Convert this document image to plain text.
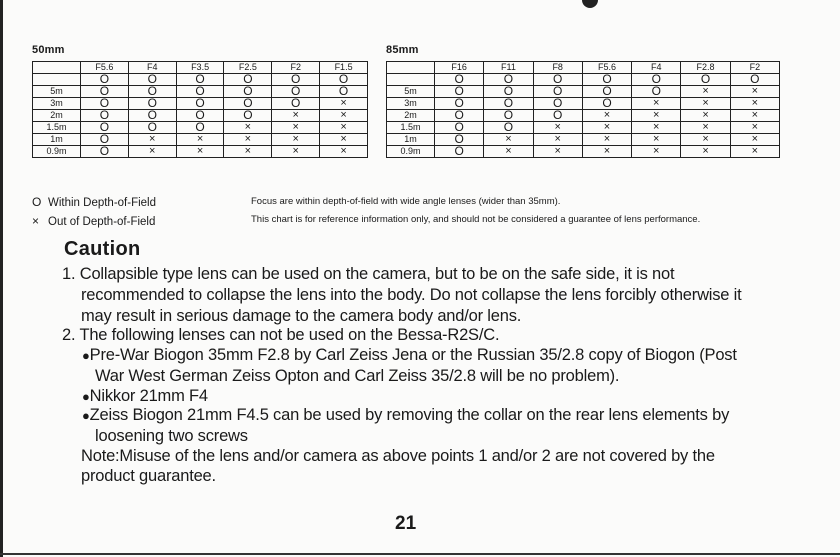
50mm
	F5.6	F4	F3.5	F2.5	F2	F1.5
	O	O	O	O	O	O
5m	O	O	O	O	O	O
3m	O	O	O	O	O	×
2m	O	O	O	O	×	×
1.5m	O	O	O	×	×	×
1m	O	×	×	×	×	×
0.9m	O	×	×	×	×	×
85mm
	F16	F11	F8	F5.6	F4	F2.8	F2
	O	O	O	O	O	O	O
5m	O	O	O	O	O	×	×
3m	O	O	O	O	×	×	×
2m	O	O	O	×	×	×	×
1.5m	O	O	×	×	×	×	×
1m	O	×	×	×	×	×	×
0.9m	O	×	×	×	×	×	×
O Within Depth-of-Field
× Out of Depth-of-Field
Focus are within depth-of-field with wide angle lenses (wider than 35mm).
This chart is for reference information only, and should not be considered a guarantee of lens performance.
Caution
1. Collapsible type lens can be used on the camera, but to be on the safe side, it is not
recommended to collapse the lens into the body. Do not collapse the lens forcibly otherwise it
may result in serious damage to the camera body and/or lens.
2. The following lenses can not be used on the Bessa-R2S/C.
●Pre-War Biogon 35mm F2.8 by Carl Zeiss Jena or the Russian 35/2.8 copy of Biogon (Post
War West German Zeiss Opton and Carl Zeiss 35/2.8 will be no problem).
●Nikkor 21mm F4
●Zeiss Biogon 21mm F4.5 can be used by removing the collar on the rear lens elements by
loosening two screws
Note:Misuse of the lens and/or camera as above points 1 and/or 2 are not covered by the
product guarantee.
21
